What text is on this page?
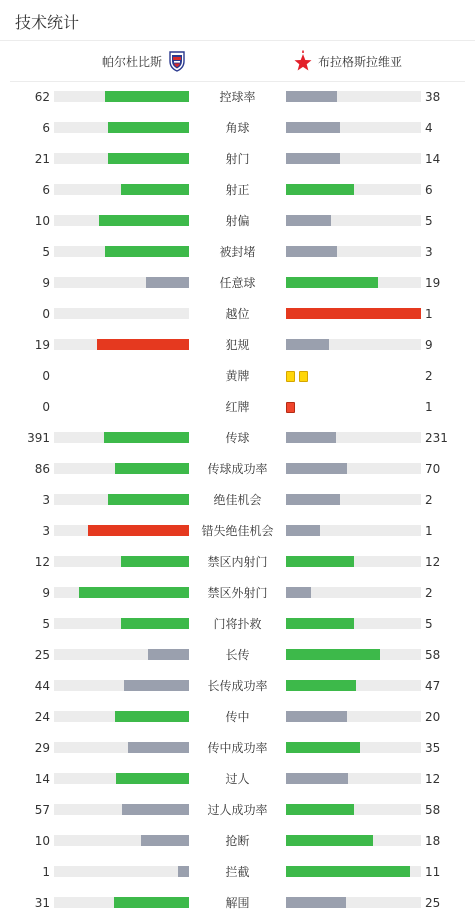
技术统计
帕尔杜比斯	布拉格斯拉维亚
62	控球率	38
6	角球	4
21	射门	14
6	射正	6
10	射偏	5
5	被封堵	3
9	任意球	19
0	越位	1
19	犯规	9
0	黄牌	2
0	红牌	1
391	传球	231
86	传球成功率	70
3	绝佳机会	2
3	错失绝佳机会	1
12	禁区内射门	12
9	禁区外射门	2
5	门将扑救	5
25	长传	58
44	长传成功率	47
24	传中	20
29	传中成功率	35
14	过人	12
57	过人成功率	58
10	抢断	18
1	拦截	11
31	解围	25
